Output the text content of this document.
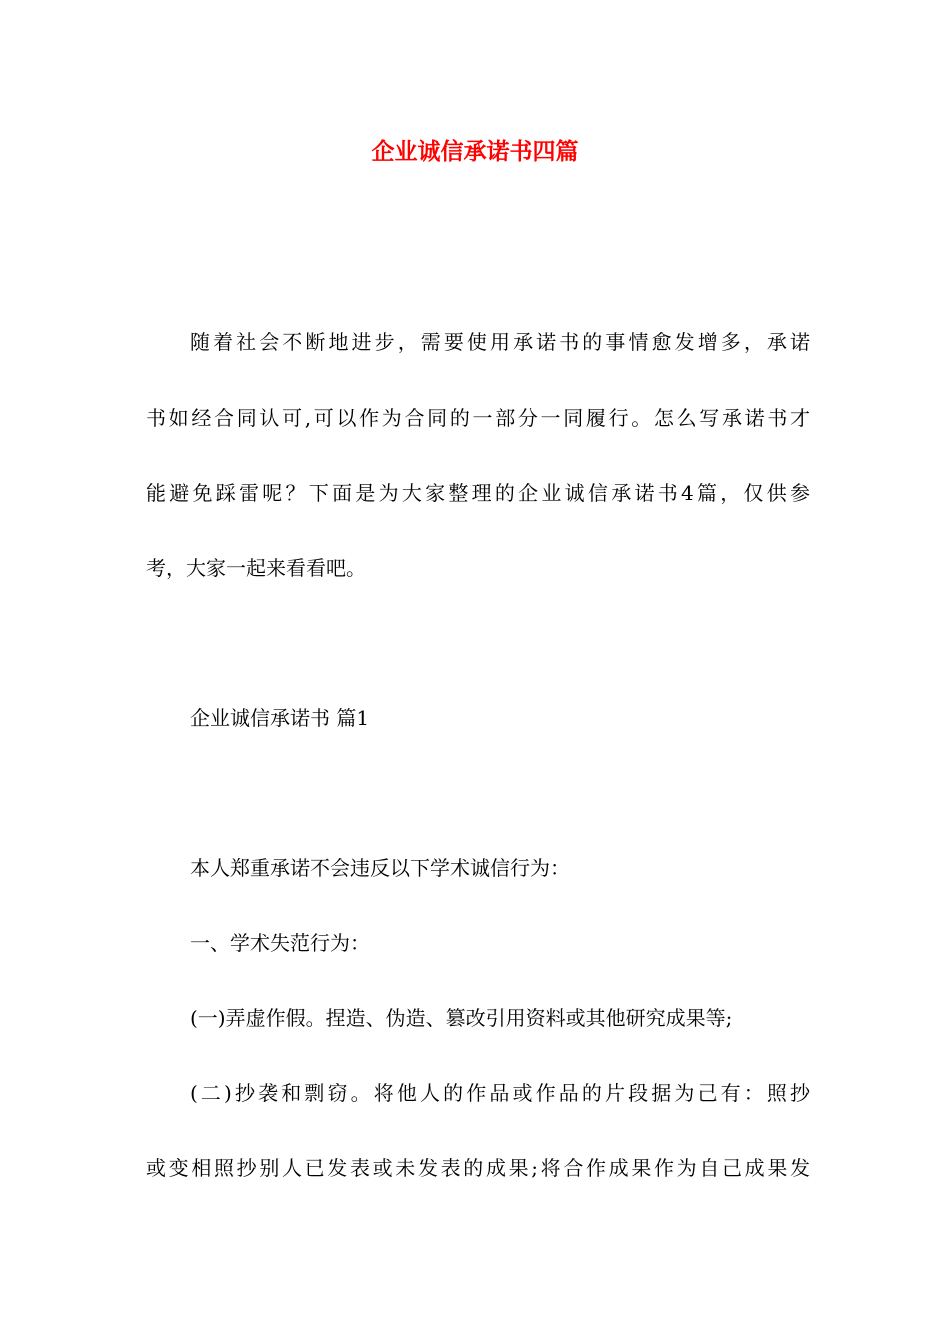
企业诚信承诺书四篇
随着社会不断地进步，需要使用承诺书的事情愈发增多，承诺
书如经合同认可,可以作为合同的一部分一同履行。怎么写承诺书才
能避免踩雷呢？下面是为大家整理的企业诚信承诺书4篇，仅供参
考，大家一起来看看吧。
企业诚信承诺书 篇1
本人郑重承诺不会违反以下学术诚信行为：
一、学术失范行为：
(一)弄虚作假。捏造、伪造、篡改引用资料或其他研究成果等;
(二)抄袭和剽窃。将他人的作品或作品的片段据为己有：照抄
或变相照抄别人已发表或未发表的成果;将合作成果作为自己成果发
